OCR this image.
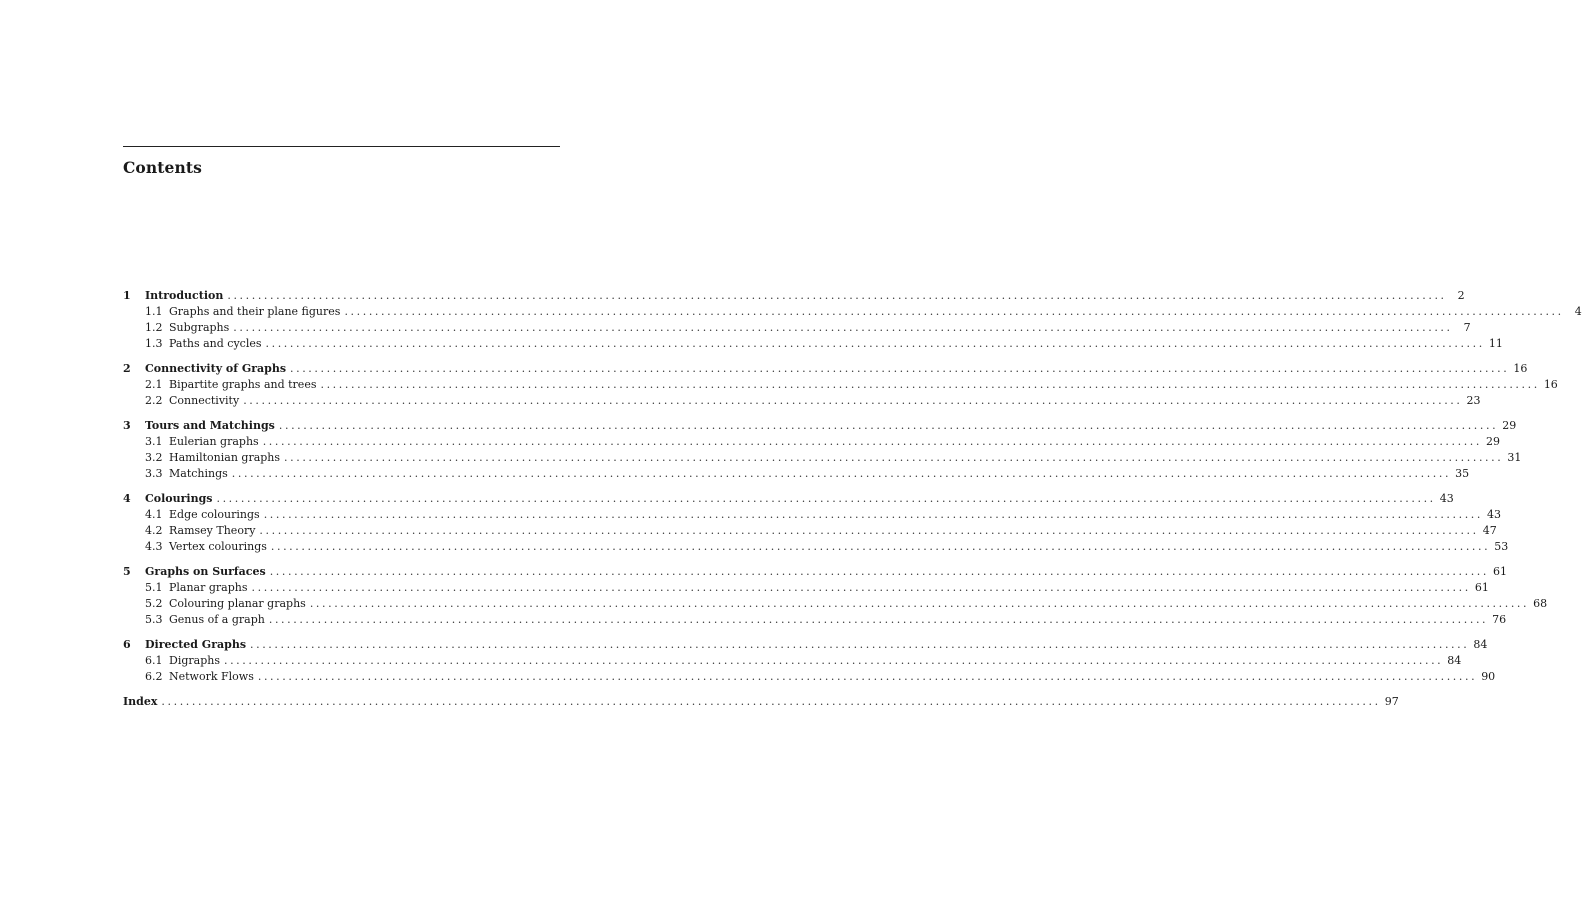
Contents
1	Introduction ........................................................................................................................................................................................................	2
1.1 Graphs and their plane figures ........................................................................................................................................................................................................	4
1.2 Subgraphs ........................................................................................................................................................................................................	7
1.3 Paths and cycles ........................................................................................................................................................................................................ 11
2	Connectivity of Graphs ........................................................................................................................................................................................................ 16
2.1 Bipartite graphs and trees ........................................................................................................................................................................................................ 16
2.2 Connectivity ........................................................................................................................................................................................................ 23
3	Tours and Matchings ........................................................................................................................................................................................................ 29
3.1 Eulerian graphs ........................................................................................................................................................................................................ 29
3.2 Hamiltonian graphs ........................................................................................................................................................................................................ 31
3.3 Matchings ........................................................................................................................................................................................................ 35
4	Colourings ........................................................................................................................................................................................................ 43
4.1 Edge colourings ........................................................................................................................................................................................................ 43
4.2 Ramsey Theory ........................................................................................................................................................................................................ 47
4.3 Vertex colourings ........................................................................................................................................................................................................ 53
5	Graphs on Surfaces ........................................................................................................................................................................................................ 61
5.1 Planar graphs ........................................................................................................................................................................................................ 61
5.2 Colouring planar graphs ........................................................................................................................................................................................................ 68
5.3 Genus of a graph ........................................................................................................................................................................................................ 76
6	Directed Graphs ........................................................................................................................................................................................................ 84
6.1 Digraphs ........................................................................................................................................................................................................ 84
6.2 Network Flows ........................................................................................................................................................................................................ 90
Index ........................................................................................................................................................................................................ 97
